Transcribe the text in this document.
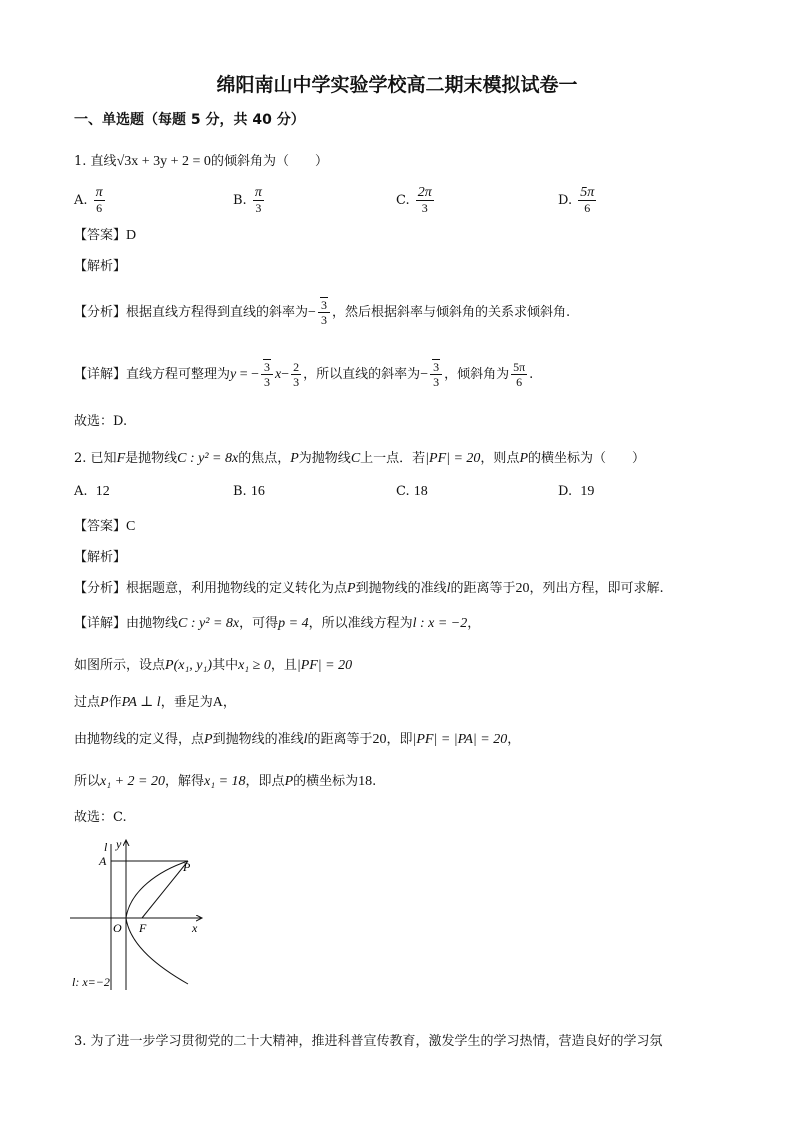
绵阳南山中学实验学校高二期末模拟试卷一
一、单选题（每题 5 分，共 40 分）
1. 直线√3x + 3y + 2 = 0的倾斜角为（　　）
A. $\frac{\pi}{6}$	B. $\frac{\pi}{3}$	C. $\frac{2\pi}{3}$	D. $\frac{5\pi}{6}$
【答案】D
【解析】
【分析】根据直线方程得到直线的斜率为− $\frac{3}{3}$ ，然后根据斜率与倾斜角的关系求倾斜角.
【详解】直线方程可整理为y = − $\frac{3}{3} x- \frac{2}{3}$ ，所以直线的斜率为− $\frac{3}{3}$ ，倾斜角为 $\frac{5\pi}{6}$ .
故选：D.
2. 已知F是抛物线C : y² = 8x的焦点，P为抛物线C上一点．若|PF| = 20，则点P的横坐标为（　　）
A. 12	B. 16	C. 18	D. 19
【答案】C
【解析】
【分析】根据题意，利用抛物线的定义转化为点P到抛物线的准线l的距离等于20，列出方程，即可求解.
【详解】由抛物线C : y² = 8x，可得p = 4，所以准线方程为l : x = −2，
如图所示，设点P(x₁, y₁)其中x₁ ≥ 0，且|PF| = 20
过点P作PA ⊥ l，垂足为A，
由抛物线的定义得，点P到抛物线的准线l的距离等于20，即|PF| = |PA| = 20，
所以x₁ + 2 = 20，解得x₁ = 18，即点P的横坐标为18.
故选：C.
y
l
A	P
O F	x
l: x=−2
3. 为了进一步学习贯彻党的二十大精神，推进科普宣传教育，激发学生的学习热情，营造良好的学习氛
